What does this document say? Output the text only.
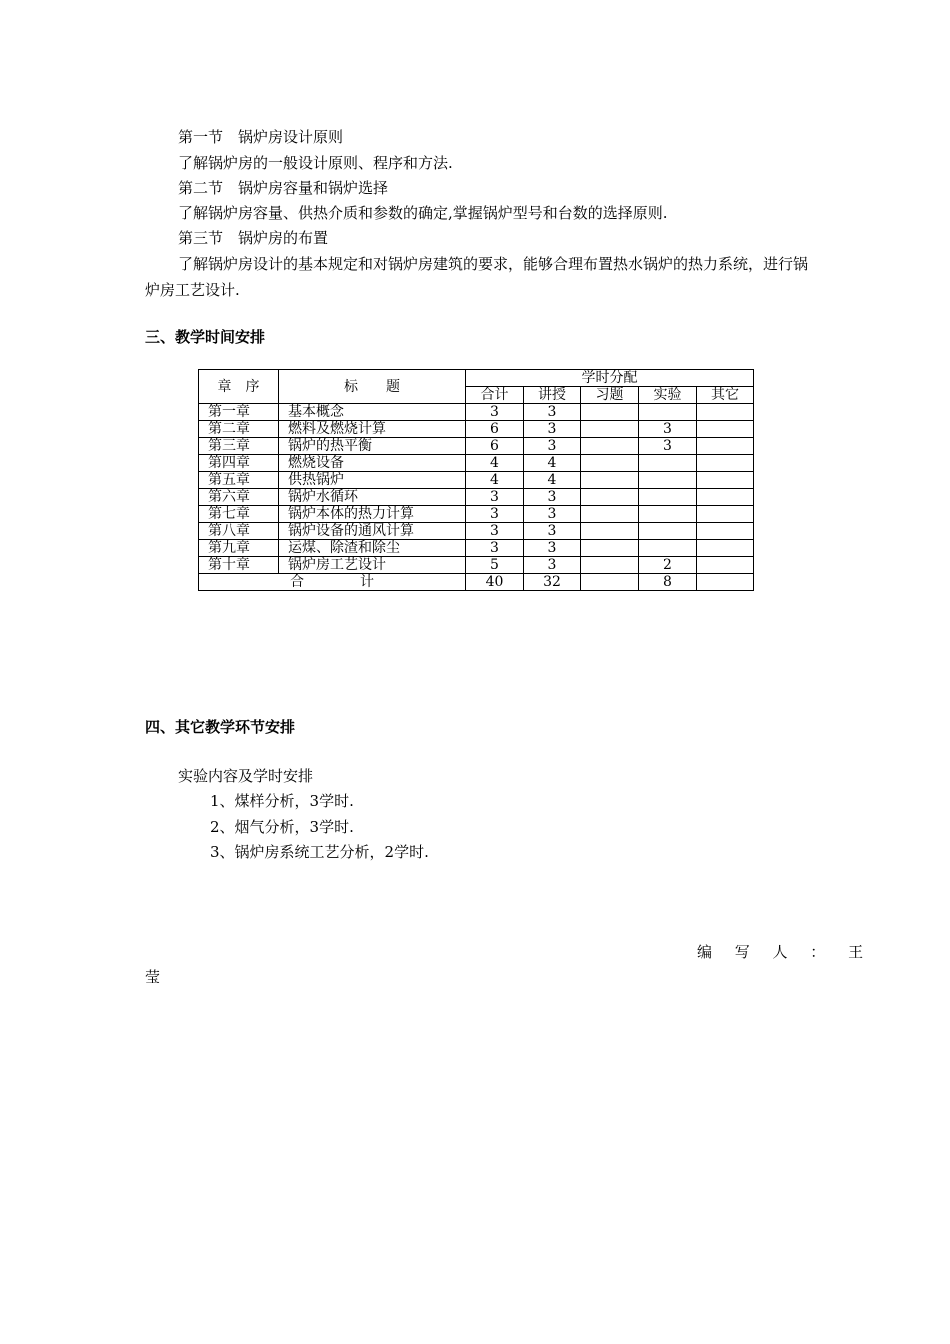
第一节　锅炉房设计原则
了解锅炉房的一般设计原则、程序和方法.
第二节　锅炉房容量和锅炉选择
了解锅炉房容量、供热介质和参数的确定,掌握锅炉型号和台数的选择原则.
第三节　锅炉房的布置
了解锅炉房设计的基本规定和对锅炉房建筑的要求，能够合理布置热水锅炉的热力系统，进行锅炉房工艺设计.
三、教学时间安排
章　序	标　　题	学时分配				
		合计	讲授	习题	实验	其它
第一章	基本概念	3	3			
第二章	燃料及燃烧计算	6	3		3	
第三章	锅炉的热平衡	6	3		3	
第四章	燃烧设备	4	4			
第五章	供热锅炉	4	4			
第六章	锅炉水循环	3	3			
第七章	锅炉本体的热力计算	3	3			
第八章	锅炉设备的通风计算	3	3			
第九章	运煤、除渣和除尘	3	3			
第十章	锅炉房工艺设计	5	3		2	
合　　　　计		40	32		8	
四、其它教学环节安排
实验内容及学时安排
1、煤样分析，3学时.
2、烟气分析，3学时.
3、锅炉房系统工艺分析，2学时.
编 写 人 ： 王
莹
